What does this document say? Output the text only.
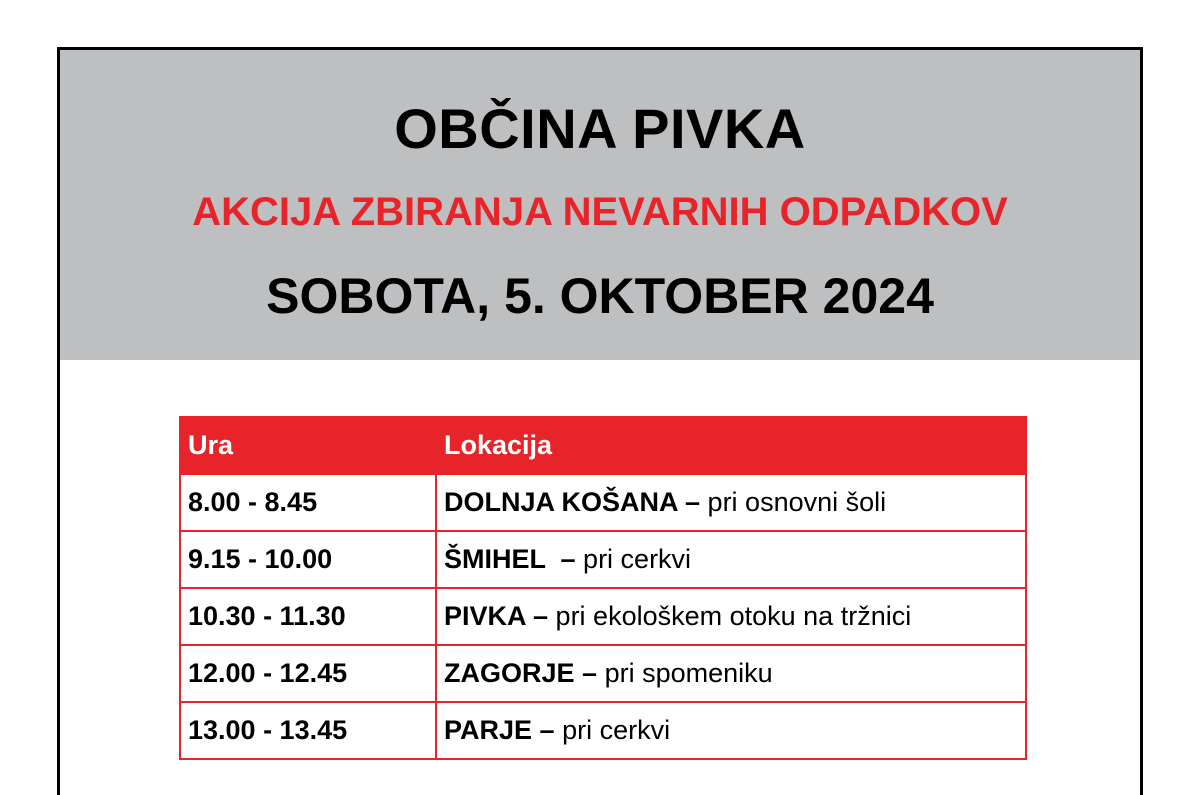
OBČINA PIVKA
AKCIJA ZBIRANJA NEVARNIH ODPADKOV
SOBOTA, 5. OKTOBER 2024
Ura	Lokacija
8.00 - 8.45	DOLNJA KOŠANA – pri osnovni šoli
9.15 - 10.00	ŠMIHEL  – pri cerkvi
10.30 - 11.30	PIVKA – pri ekološkem otoku na tržnici
12.00 - 12.45	ZAGORJE – pri spomeniku
13.00 - 13.45	PARJE – pri cerkvi
